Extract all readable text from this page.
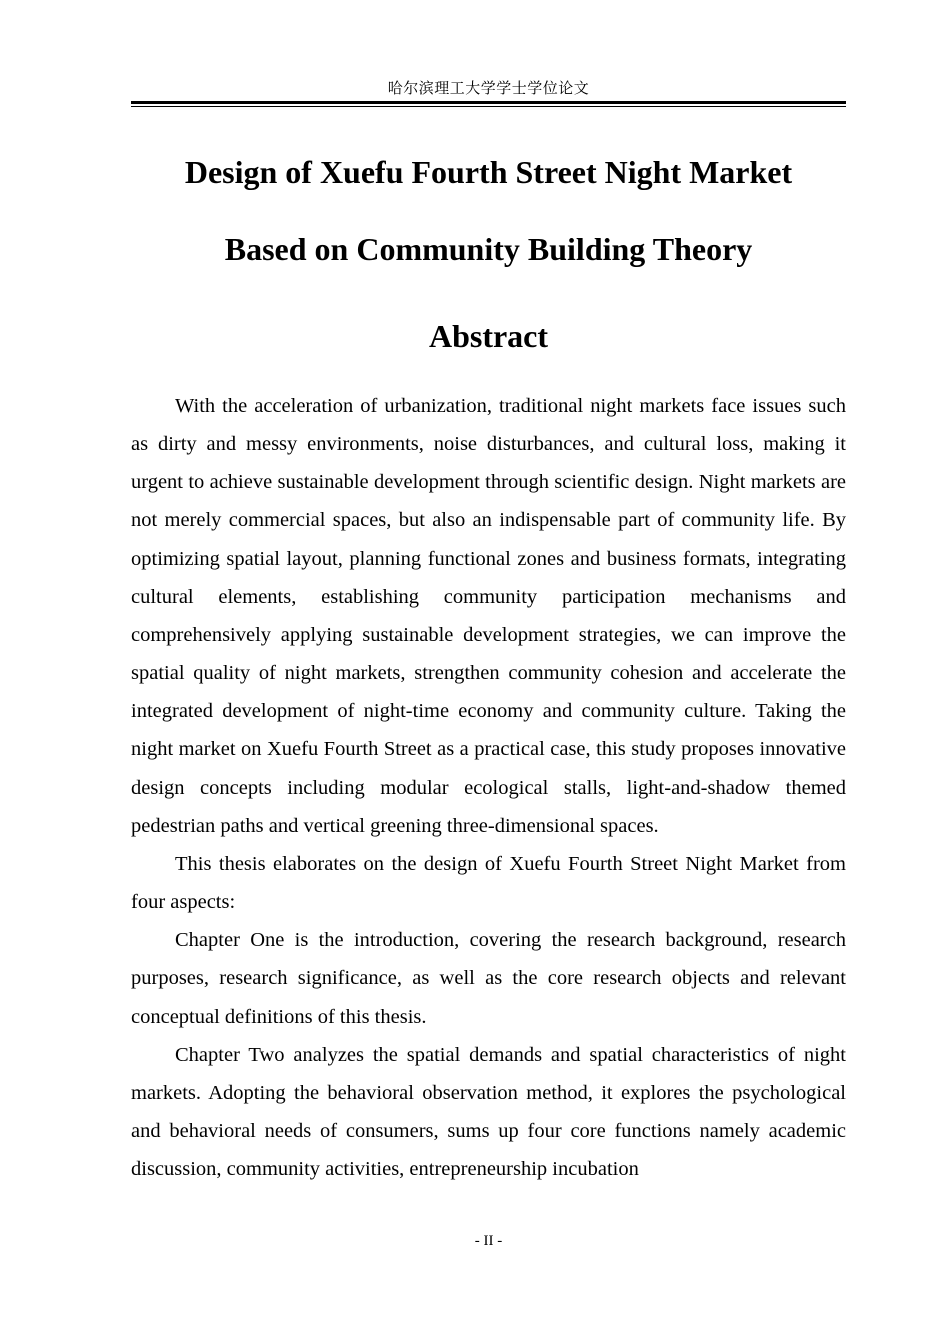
哈尔滨理工大学学士学位论文
Design of Xuefu Fourth Street Night Market
Based on Community Building Theory
Abstract

With the acceleration of urbanization, traditional night markets face issues such as dirty and messy environments, noise disturbances, and cultural loss, making it urgent to achieve sustainable development through scientific design. Night markets are not merely commercial spaces, but also an indispensable part of community life. By optimizing spatial layout, planning functional zones and business formats, integrating cultural elements, establishing community participation mechanisms and comprehensively applying sustainable development strategies, we can improve the spatial quality of night markets, strengthen community cohesion and accelerate the integrated development of night-time economy and community culture. Taking the night market on Xuefu Fourth Street as a practical case, this study proposes innovative design concepts including modular ecological stalls, light-and-shadow themed pedestrian paths and vertical greening three-dimensional spaces.

This thesis elaborates on the design of Xuefu Fourth Street Night Market from four aspects:

Chapter One is the introduction, covering the research background, research purposes, research significance, as well as the core research objects and relevant conceptual definitions of this thesis.

Chapter Two analyzes the spatial demands and spatial characteristics of night markets. Adopting the behavioral observation method, it explores the psychological and behavioral needs of consumers, sums up four core functions namely academic discussion, community activities, entrepreneurship incubation

- II -
